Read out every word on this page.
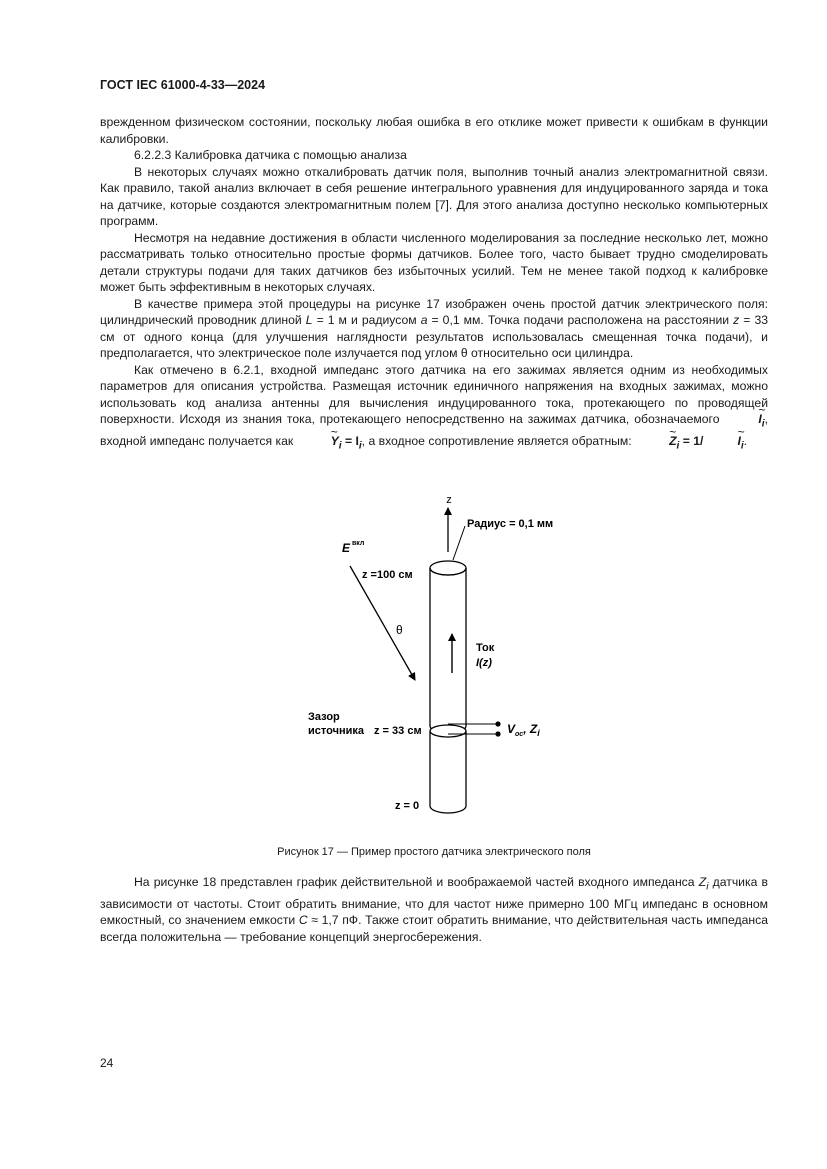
ГОСТ IEC 61000-4-33—2024

врежденном физическом состоянии, поскольку любая ошибка в его отклике может привести к ошибкам в функции калибровки.

6.2.2.3 Калибровка датчика с помощью анализа

В некоторых случаях можно откалибровать датчик поля, выполнив точный анализ электромагнитной связи. Как правило, такой анализ включает в себя решение интегрального уравнения для индуцированного заряда и тока на датчике, которые создаются электромагнитным полем [7]. Для этого анализа доступно несколько компьютерных программ.

Несмотря на недавние достижения в области численного моделирования за последние несколько лет, можно рассматривать только относительно простые формы датчиков. Более того, часто бывает трудно смоделировать детали структуры подачи для таких датчиков без избыточных усилий. Тем не менее такой подход к калибровке может быть эффективным в некоторых случаях.

В качестве примера этой процедуры на рисунке 17 изображен очень простой датчик электрического поля: цилиндрический проводник длиной L = 1 м и радиусом a = 0,1 мм. Точка подачи расположена на расстоянии z = 33 см от одного конца (для улучшения наглядности результатов использовалась смещенная точка подачи), и предполагается, что электрическое поле излучается под углом θ относительно оси цилиндра.

Как отмечено в 6.2.1, входной импеданс этого датчика на его зажимах является одним из необходимых параметров для описания устройства. Размещая источник единичного напряжения на входных зажимах, можно использовать код анализа антенны для вычисления индуцированного тока, протекающего по проводящей поверхности. Исходя из знания тока, протекающего непосредственно на зажимах датчика, обозначаемого ~	$I_i$, входной импеданс получается как ~	$Y_i = I_i$, а входное сопротивление является обратным: ~	$Z_i$ = 1/~	$I_i$.

z
Радиус = 0,1 мм
Ток
I(z)
E вкл
z =100 см
θ
Зазор
источника z = 33 см	$V_{oc}$, $Z_i$
z = 0
Рисунок 17 — Пример простого датчика электрического поля

На рисунке 18 представлен график действительной и воображаемой частей входного импеданса $Z_i$ датчика в зависимости от частоты. Стоит обратить внимание, что для частот ниже примерно 100 МГц импеданс в основном емкостный, со значением емкости C ≈ 1,7 пФ. Также стоит обратить внимание, что действительная часть импеданса всегда положительна — требование концепций энергосбережения.

24
